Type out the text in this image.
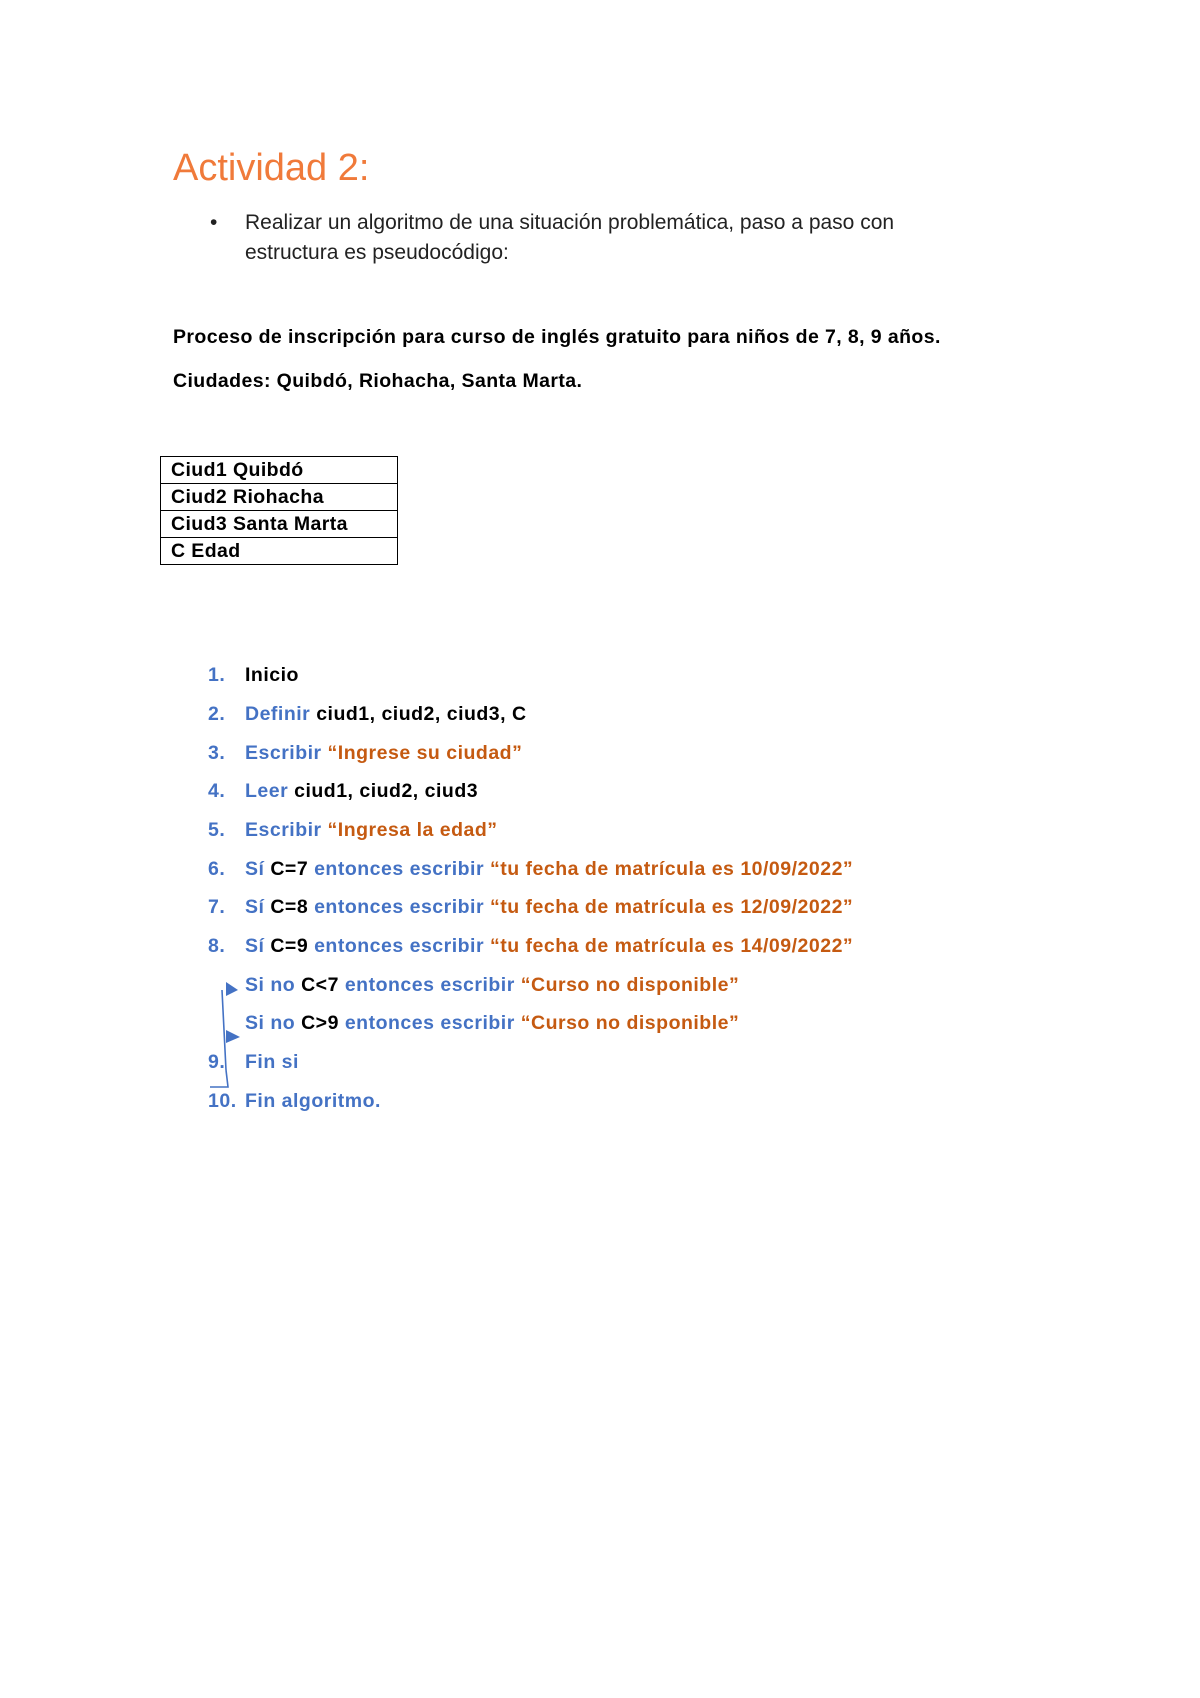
Actividad 2:
• Realizar un algoritmo de una situación problemática, paso a paso con estructura es pseudocódigo:
Proceso de inscripción para curso de inglés gratuito para niños de 7, 8, 9 años.
Ciudades: Quibdó, Riohacha, Santa Marta.
Ciud1 Quibdó
Ciud2 Riohacha
Ciud3 Santa Marta
C Edad
1. Inicio
2. Definir ciud1, ciud2, ciud3, C
3. Escribir “Ingrese su ciudad”
4. Leer ciud1, ciud2, ciud3
5. Escribir “Ingresa la edad”
6. Sí C=7 entonces escribir “tu fecha de matrícula es 10/09/2022”
7. Sí C=8 entonces escribir “tu fecha de matrícula es 12/09/2022”
8. Sí C=9 entonces escribir “tu fecha de matrícula es 14/09/2022”
Si no C<7 entonces escribir “Curso no disponible”
Si no C>9 entonces escribir “Curso no disponible”
9. Fin si
10. Fin algoritmo.
